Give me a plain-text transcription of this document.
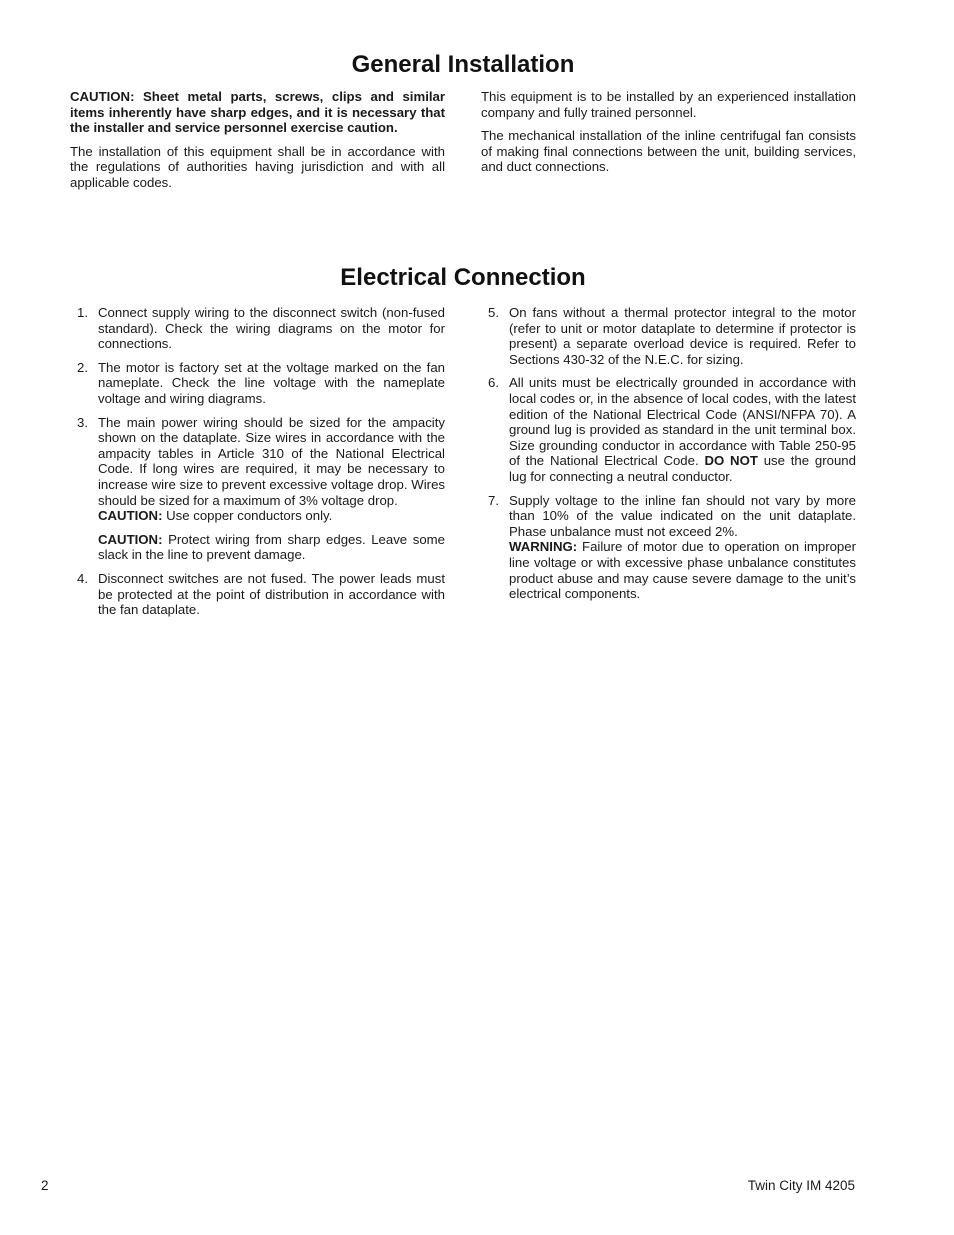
General Installation

CAUTION: Sheet metal parts, screws, clips and similar items inherently have sharp edges, and it is necessary that the installer and service personnel exercise caution.

The installation of this equipment shall be in accordance with the regulations of authorities having jurisdiction and with all applicable codes.

This equipment is to be installed by an experienced installation company and fully trained personnel.

The mechanical installation of the inline centrifugal fan consists of making final connections between the unit, building services, and duct connections.

Electrical Connection
1. Connect supply wiring to the disconnect switch (non-fused standard). Check the wiring diagrams on the motor for connections.
2. The motor is factory set at the voltage marked on the fan nameplate. Check the line voltage with the nameplate voltage and wiring diagrams.
3. The main power wiring should be sized for the ampacity shown on the dataplate. Size wires in accordance with the ampacity tables in Article 310 of the National Electrical Code. If long wires are required, it may be necessary to increase wire size to prevent excessive voltage drop. Wires should be sized for a maximum of 3% voltage drop.

CAUTION: Use copper conductors only.

CAUTION: Protect wiring from sharp edges. Leave some slack in the line to prevent damage.

4. Disconnect switches are not fused. The power leads must be protected at the point of distribution in accordance with the fan dataplate.
5. On fans without a thermal protector integral to the motor (refer to unit or motor dataplate to determine if protector is present) a separate overload device is required. Refer to Sections 430-32 of the N.E.C. for sizing.
6. All units must be electrically grounded in accordance with local codes or, in the absence of local codes, with the latest edition of the National Electrical Code (ANSI/NFPA 70). A ground lug is provided as standard in the unit terminal box. Size grounding conductor in accordance with Table 250-95 of the National Electrical Code. DO NOT use the ground lug for connecting a neutral conductor.
7. Supply voltage to the inline fan should not vary by more than 10% of the value indicated on the unit dataplate. Phase unbalance must not exceed 2%.

WARNING: Failure of motor due to operation on improper line voltage or with excessive phase unbalance constitutes product abuse and may cause severe damage to the unit’s electrical components.

2	Twin City IM 4205
